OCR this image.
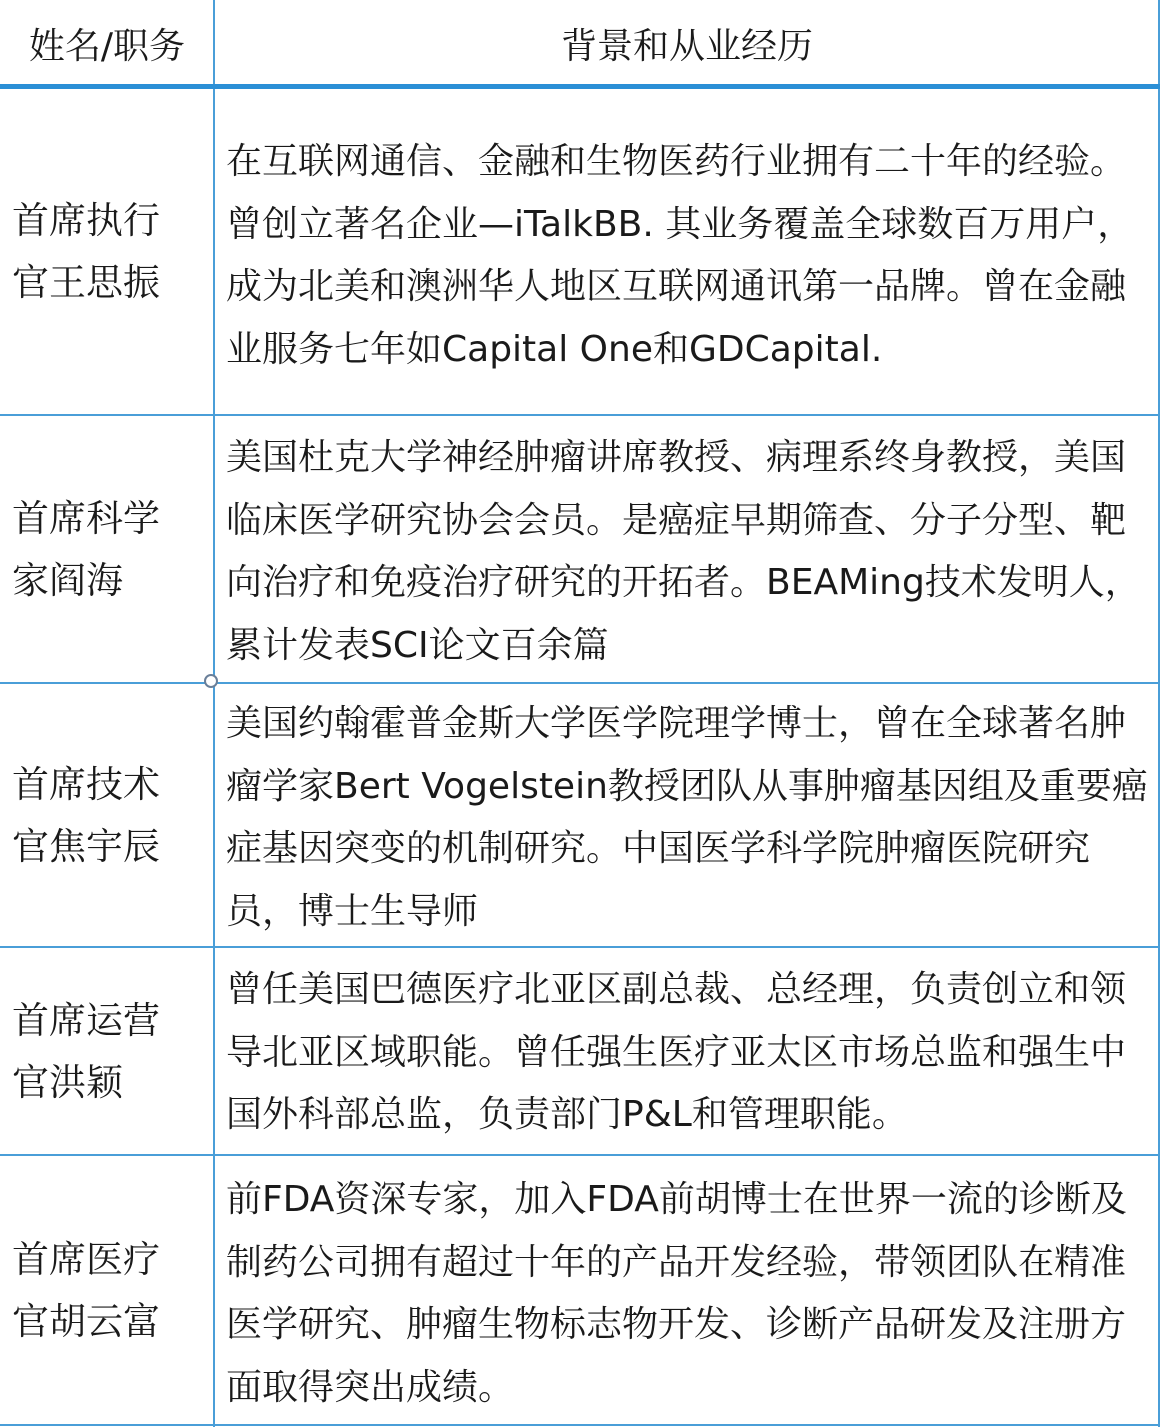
姓名/职务	背景和从业经历
首席执行官王思振
在互联网通信、金融和生物医药行业拥有二十年的经验。曾创立著名企业—iTalkBB. 其业务覆盖全球数百万用户，成为北美和澳洲华人地区互联网通讯第一品牌。曾在金融业服务七年如Capital One和GDCapital.
首席科学家阎海
美国杜克大学神经肿瘤讲席教授、病理系终身教授，美国临床医学研究协会会员。是癌症早期筛查、分子分型、靶向治疗和免疫治疗研究的开拓者。BEAMing技术发明人，累计发表SCI论文百余篇
首席技术官焦宇辰
美国约翰霍普金斯大学医学院理学博士，曾在全球著名肿瘤学家Bert Vogelstein教授团队从事肿瘤基因组及重要癌症基因突变的机制研究。中国医学科学院肿瘤医院研究员，博士生导师
首席运营官洪颖
曾任美国巴德医疗北亚区副总裁、总经理，负责创立和领导北亚区域职能。曾任强生医疗亚太区市场总监和强生中国外科部总监，负责部门P&L和管理职能。
首席医疗官胡云富
前FDA资深专家，加入FDA前胡博士在世界一流的诊断及制药公司拥有超过十年的产品开发经验，带领团队在精准医学研究、肿瘤生物标志物开发、诊断产品研发及注册方面取得突出成绩。
